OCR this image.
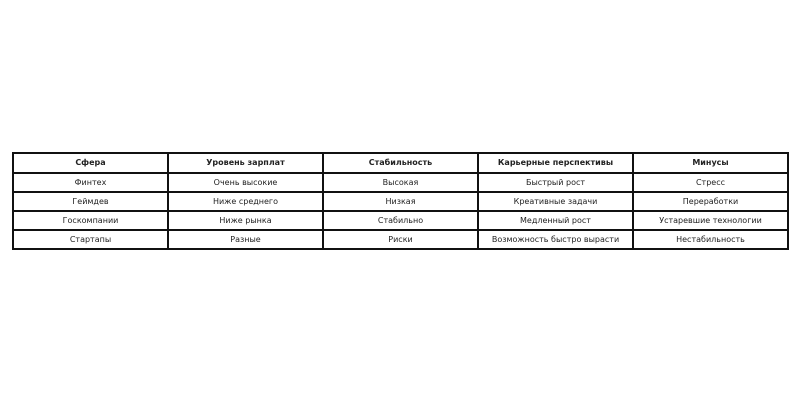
Сфера	Уровень зарплат	Стабильность	Карьерные перспективы	Минусы
Финтех	Очень высокие	Высокая	Быстрый рост	Стресс
Геймдев	Ниже среднего	Низкая	Креативные задачи	Переработки
Госкомпании	Ниже рынка	Стабильно	Медленный рост	Устаревшие технологии
Стартапы	Разные	Риски	Возможность быстро вырасти	Нестабильность
